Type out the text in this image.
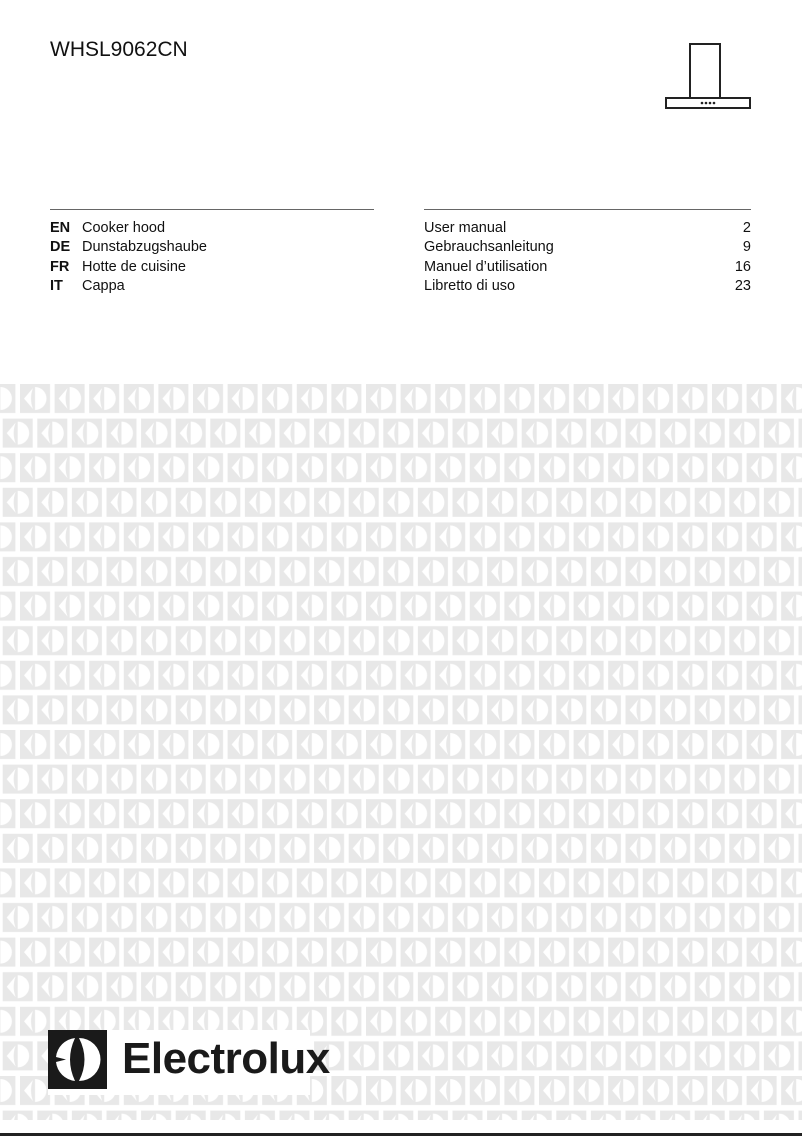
WHSL9062CN
EN Cooker hood
DE Dunstabzugshaube
FR Hotte de cuisine
IT	Cappa
User manual	2
Gebrauchsanleitung	9
Manuel d’utilisation	16
Libretto di uso	23
Electrolux
